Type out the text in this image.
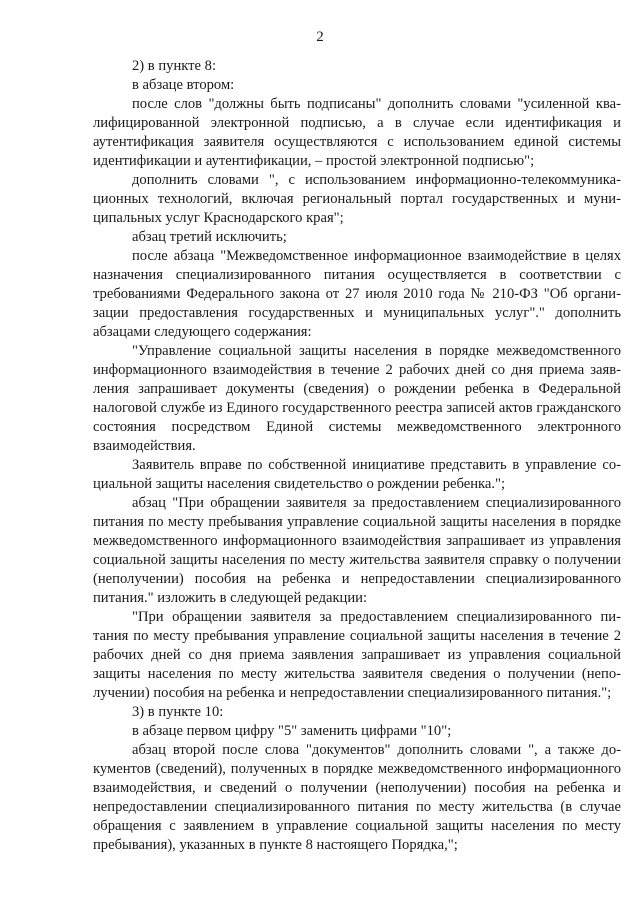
2

2) в пункте 8:

в абзаце втором:

после слов "должны быть подписаны" дополнить словами "усиленной квалифицированной электронной подписью, а в случае если идентификация и аутентификация заявителя осуществляются с использованием единой системы идентификации и аутентификации, – простой электронной подписью";

дополнить словами ", с использованием информационно-телекоммуникационных технологий, включая региональный портал государственных и муниципальных услуг Краснодарского края";

абзац третий исключить;

после абзаца "Межведомственное информационное взаимодействие в целях назначения специализированного питания осуществляется в соответствии с требованиями Федерального закона от 27 июля 2010 года № 210-ФЗ "Об организации предоставления государственных и муниципальных услуг"." дополнить абзацами следующего содержания:

"Управление социальной защиты населения в порядке межведомственного информационного взаимодействия в течение 2 рабочих дней со дня приема заявления запрашивает документы (сведения) о рождении ребенка в Федеральной налоговой службе из Единого государственного реестра записей актов гражданского состояния посредством Единой системы межведомственного электронного взаимодействия.

Заявитель вправе по собственной инициативе представить в управление социальной защиты населения свидетельство о рождении ребенка.";

абзац "При обращении заявителя за предоставлением специализированного питания по месту пребывания управление социальной защиты населения в порядке межведомственного информационного взаимодействия запрашивает из управления социальной защиты населения по месту жительства заявителя справку о получении (неполучении) пособия на ребенка и непредоставлении специализированного питания." изложить в следующей редакции:

"При обращении заявителя за предоставлением специализированного питания по месту пребывания управление социальной защиты населения в течение 2 рабочих дней со дня приема заявления запрашивает из управления социальной защиты населения по месту жительства заявителя сведения о получении (неполучении) пособия на ребенка и непредоставлении специализированного питания.";

3) в пункте 10:

в абзаце первом цифру "5" заменить цифрами "10";

абзац второй после слова "документов" дополнить словами ", а также документов (сведений), полученных в порядке межведомственного информационного взаимодействия, и сведений о получении (неполучении) пособия на ребенка и непредоставлении специализированного питания по месту жительства (в случае обращения с заявлением в управление социальной защиты населения по месту пребывания), указанных в пункте 8 настоящего Порядка,";
